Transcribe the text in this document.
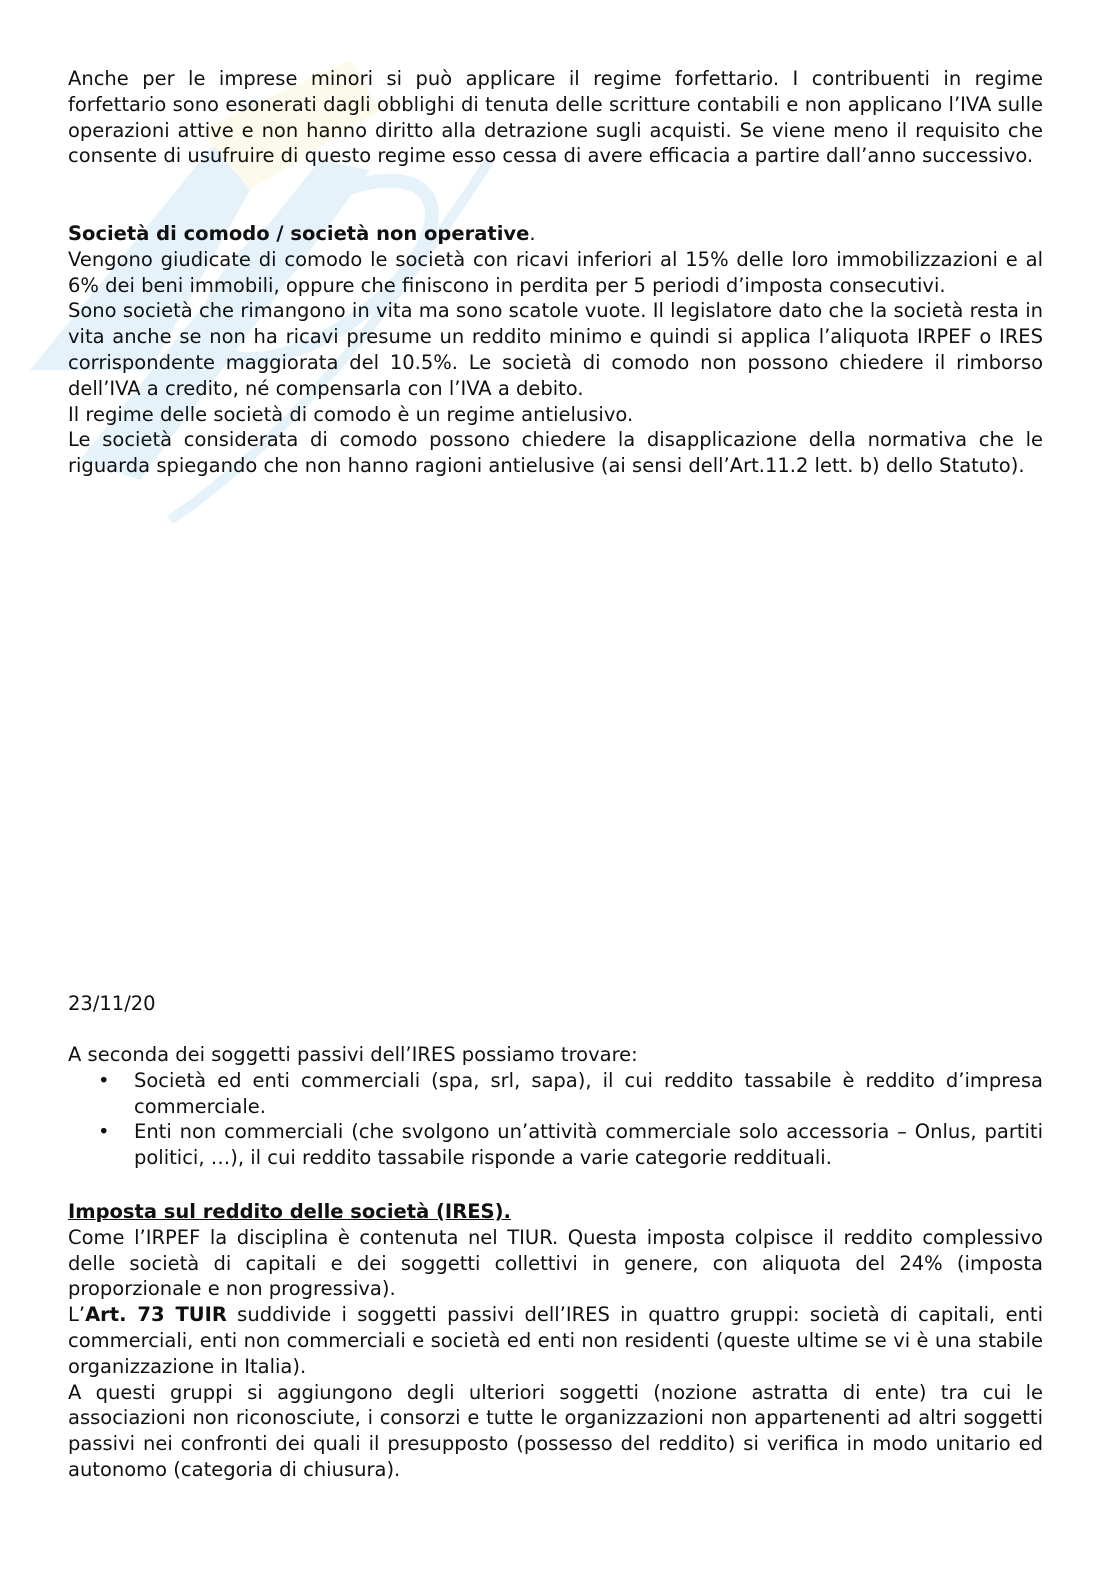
Anche per le imprese minori si può applicare il regime forfettario. I contribuenti in regime forfettario sono esonerati dagli obblighi di tenuta delle scritture contabili e non applicano l’IVA sulle operazioni attive e non hanno diritto alla detrazione sugli acquisti. Se viene meno il requisito che consente di usufruire di questo regime esso cessa di avere efficacia a partire dall’anno successivo.

Società di comodo / società non operative.

Vengono giudicate di comodo le società con ricavi inferiori al 15% delle loro immobilizzazioni e al 6% dei beni immobili, oppure che finiscono in perdita per 5 periodi d’imposta consecutivi.

Sono società che rimangono in vita ma sono scatole vuote. Il legislatore dato che la società resta in vita anche se non ha ricavi presume un reddito minimo e quindi si applica l’aliquota IRPEF o IRES corrispondente maggiorata del 10.5%. Le società di comodo non possono chiedere il rimborso dell’IVA a credito, né compensarla con l’IVA a debito.

Il regime delle società di comodo è un regime antielusivo.

Le società considerata di comodo possono chiedere la disapplicazione della normativa che le riguarda spiegando che non hanno ragioni antielusive (ai sensi dell’Art.11.2 lett. b) dello Statuto).

23/11/20

A seconda dei soggetti passivi dell’IRES possiamo trovare:

• Società ed enti commerciali (spa, srl, sapa), il cui reddito tassabile è reddito d’impresa commerciale.
• Enti non commerciali (che svolgono un’attività commerciale solo accessoria – Onlus, partiti politici, …), il cui reddito tassabile risponde a varie categorie reddituali.

Imposta sul reddito delle società (IRES).

Come l’IRPEF la disciplina è contenuta nel TIUR. Questa imposta colpisce il reddito complessivo delle società di capitali e dei soggetti collettivi in genere, con aliquota del 24% (imposta proporzionale e non progressiva).

L’Art. 73 TUIR suddivide i soggetti passivi dell’IRES in quattro gruppi: società di capitali, enti commerciali, enti non commerciali e società ed enti non residenti (queste ultime se vi è una stabile organizzazione in Italia).

A questi gruppi si aggiungono degli ulteriori soggetti (nozione astratta di ente) tra cui le associazioni non riconosciute, i consorzi e tutte le organizzazioni non appartenenti ad altri soggetti passivi nei confronti dei quali il presupposto (possesso del reddito) si verifica in modo unitario ed autonomo (categoria di chiusura).
